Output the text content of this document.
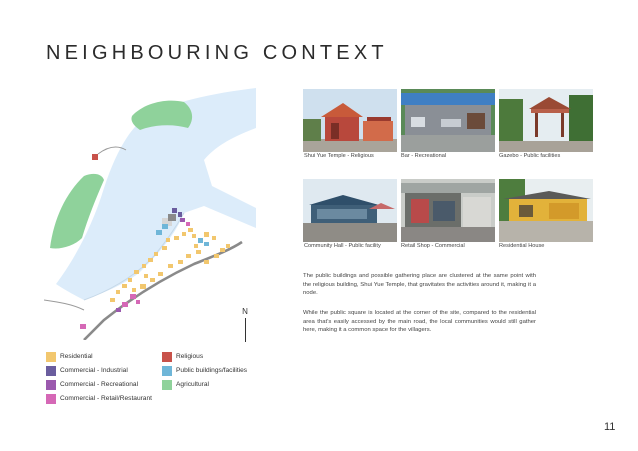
NEIGHBOURING CONTEXT
N
Residential
Commercial - Industrial
Commercial - Recreational
Commercial - Retail/Restaurant
Religious
Public buildings/facilities
Agricultural
Shui Yue Temple - Religious	Bar - Recreational	Gazebo - Public facilities
Community Hall - Public facility	Retail Shop - Commercial	Residential House
The public buildings and possible gathering place are clustered at the same point with the religious building, Shui Yue Temple, that gravitates the activities around it, making it a node.
While the public square is located at the corner of the site, compared to the residential area that’s easily accessed by the main road, the local communities would still gather here, making it a common space for the villagers.
11
